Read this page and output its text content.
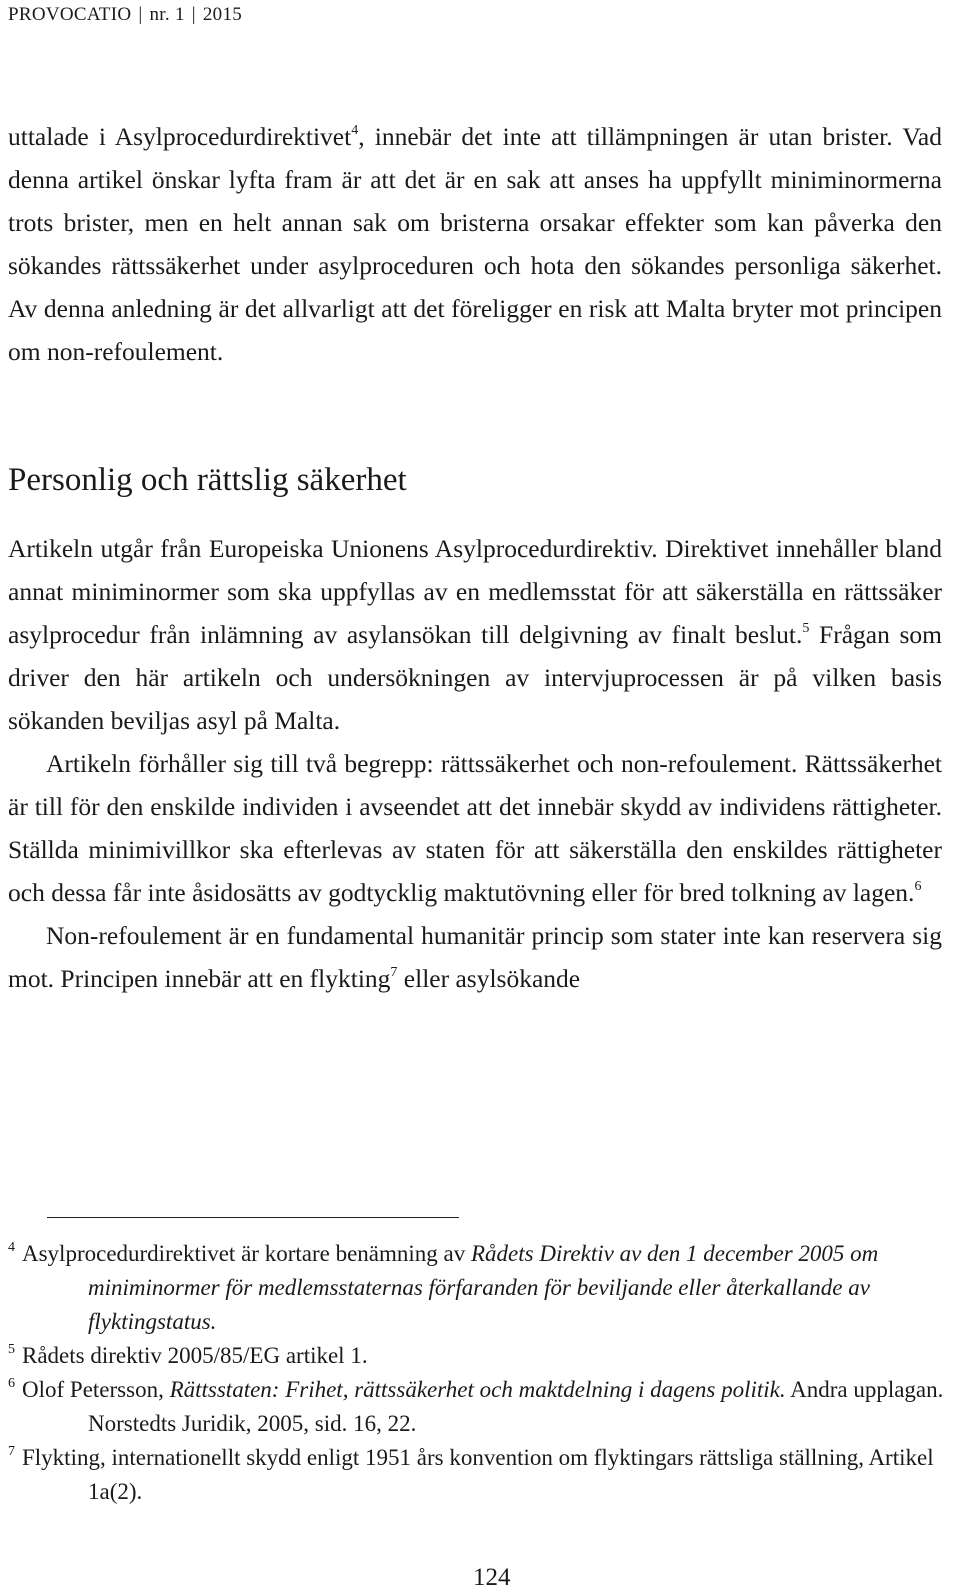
PROVOCATIO | nr. 1 | 2015

uttalade i Asylprocedurdirektivet$^4$, innebär det inte att tillämpningen är utan brister. Vad denna artikel önskar lyfta fram är att det är en sak att anses ha uppfyllt miniminormerna trots brister, men en helt annan sak om bristerna orsakar effekter som kan påverka den sökandes rättssäkerhet under asylproceduren och hota den sökandes personliga säkerhet. Av denna anledning är det allvarligt att det föreligger en risk att Malta bryter mot principen om non-refoulement.

Personlig och rättslig säkerhet

Artikeln utgår från Europeiska Unionens Asylprocedurdirektiv. Direktivet innehåller bland annat miniminormer som ska uppfyllas av en medlemsstat för att säkerställa en rättssäker asylprocedur från inlämning av asylansökan till delgivning av finalt beslut.$^5$ Frågan som driver den här artikeln och undersökningen av intervjuprocessen är på vilken basis sökanden beviljas asyl på Malta.

Artikeln förhåller sig till två begrepp: rättssäkerhet och non-refoulement. Rättssäkerhet är till för den enskilde individen i avseendet att det innebär skydd av individens rättigheter. Ställda minimivillkor ska efterlevas av staten för att säkerställa den enskildes rättigheter och dessa får inte åsidosätts av godtycklig maktutövning eller för bred tolkning av lagen.$^6$

Non-refoulement är en fundamental humanitär princip som stater inte kan reservera sig mot. Principen innebär att en flykting$^7$ eller asylsökande

4 Asylprocedurdirektivet är kortare benämning av Rådets Direktiv av den 1 december 2005 om miniminormer för medlemsstaternas förfaranden för beviljande eller återkallande av flyktingstatus.

5 Rådets direktiv 2005/85/EG artikel 1.

6 Olof Petersson, Rättsstaten: Frihet, rättssäkerhet och maktdelning i dagens politik. Andra upplagan. Norstedts Juridik, 2005, sid. 16, 22.

7 Flykting, internationellt skydd enligt 1951 års konvention om flyktingars rättsliga ställning, Artikel 1a(2).

124
